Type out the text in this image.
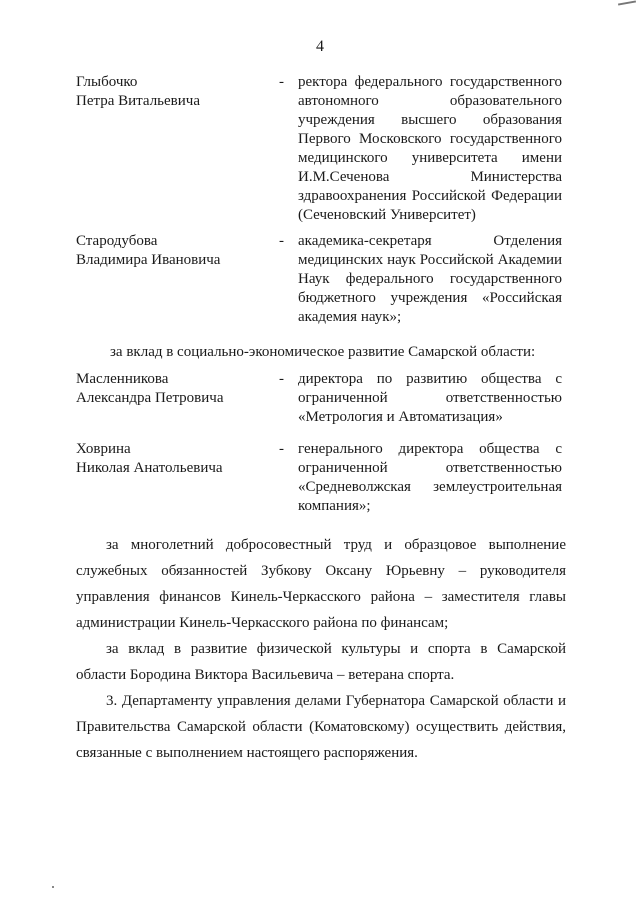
4
Глыбочко
Петра Витальевича
- ректора федерального государственного автономного образовательного учреждения высшего образования Первого Московского государственного медицинского университета имени И.М.Сеченова Министерства здравоохранения Российской Федерации (Сеченовский Университет)
Стародубова
Владимира Ивановича
- академика-секретаря Отделения медицинских наук Российской Академии Наук федерального государственного бюджетного учреждения «Российская академия наук»;
за вклад в социально-экономическое развитие Самарской области:
Масленникова
Александра Петровича
- директора по развитию общества с ограниченной ответственностью «Метрология и Автоматизация»
Ховрина
Николая Анатольевича
- генерального директора общества с ограниченной ответственностью «Средневолжская землеустроительная компания»;
за многолетний добросовестный труд и образцовое выполнение служебных обязанностей Зубкову Оксану Юрьевну – руководителя управления финансов Кинель-Черкасского района – заместителя главы администрации Кинель-Черкасского района по финансам;
за вклад в развитие физической культуры и спорта в Самарской области Бородина Виктора Васильевича – ветерана спорта.
3. Департаменту управления делами Губернатора Самарской области и Правительства Самарской области (Коматовскому) осуществить действия, связанные с выполнением настоящего распоряжения.
